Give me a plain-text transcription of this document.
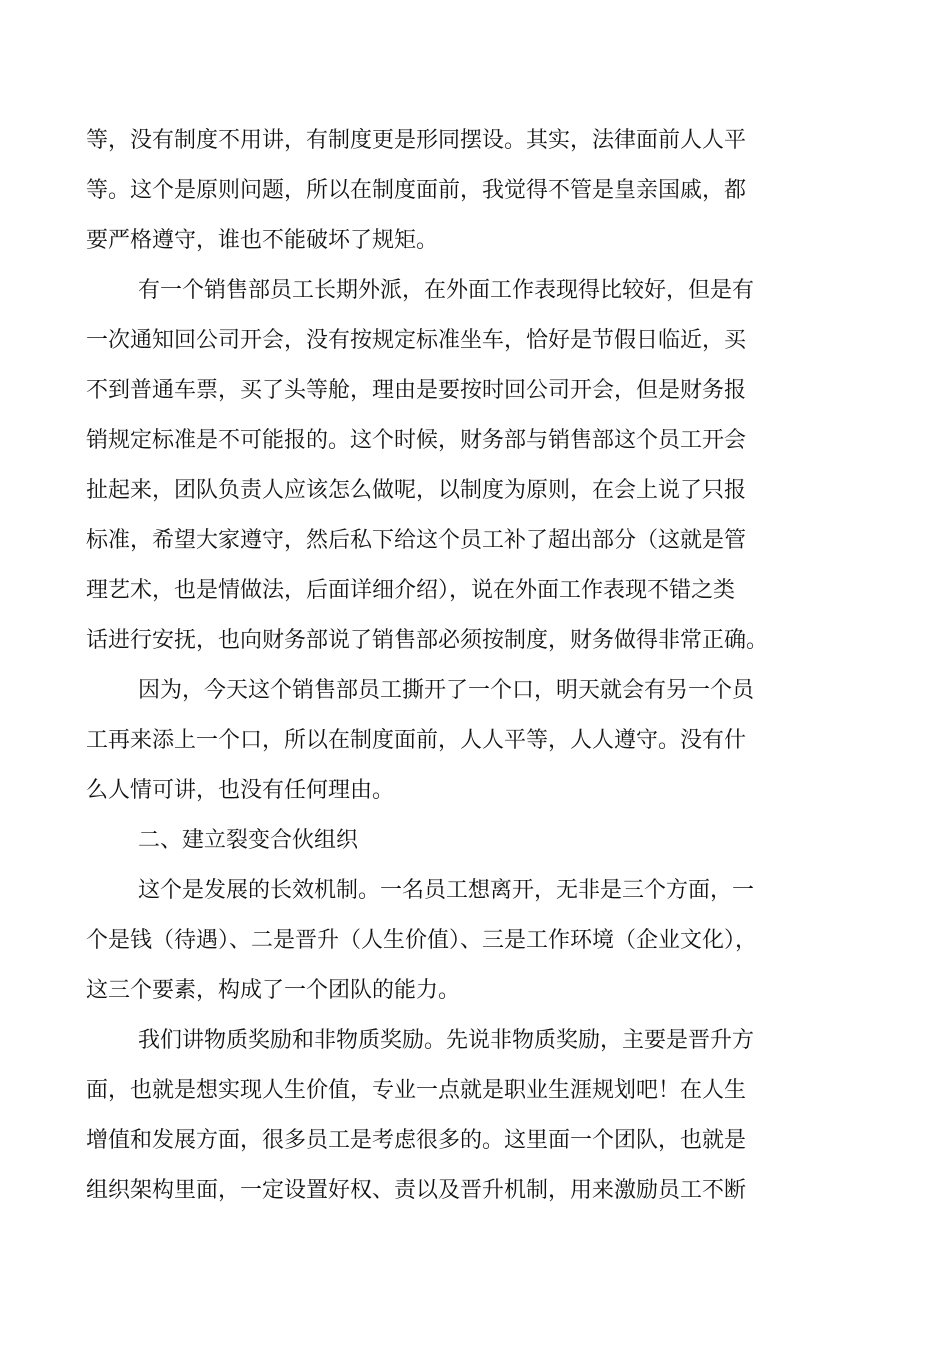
等，没有制度不用讲，有制度更是形同摆设。其实，法律面前人人平
等。这个是原则问题，所以在制度面前，我觉得不管是皇亲国戚，都
要严格遵守，谁也不能破坏了规矩。
有一个销售部员工长期外派，在外面工作表现得比较好，但是有
一次通知回公司开会，没有按规定标准坐车，恰好是节假日临近，买
不到普通车票，买了头等舱，理由是要按时回公司开会，但是财务报
销规定标准是不可能报的。这个时候，财务部与销售部这个员工开会
扯起来，团队负责人应该怎么做呢，以制度为原则，在会上说了只报
标准，希望大家遵守，然后私下给这个员工补了超出部分（这就是管
理艺术，也是情做法，后面详细介绍），说在外面工作表现不错之类
话进行安抚，也向财务部说了销售部必须按制度，财务做得非常正确。
因为，今天这个销售部员工撕开了一个口，明天就会有另一个员
工再来添上一个口，所以在制度面前，人人平等，人人遵守。没有什
么人情可讲，也没有任何理由。
二、建立裂变合伙组织
这个是发展的长效机制。一名员工想离开，无非是三个方面，一
个是钱（待遇）、二是晋升（人生价值）、三是工作环境（企业文化），
这三个要素，构成了一个团队的能力。
我们讲物质奖励和非物质奖励。先说非物质奖励，主要是晋升方
面，也就是想实现人生价值，专业一点就是职业生涯规划吧！在人生
增值和发展方面，很多员工是考虑很多的。这里面一个团队，也就是
组织架构里面，一定设置好权、责以及晋升机制，用来激励员工不断
